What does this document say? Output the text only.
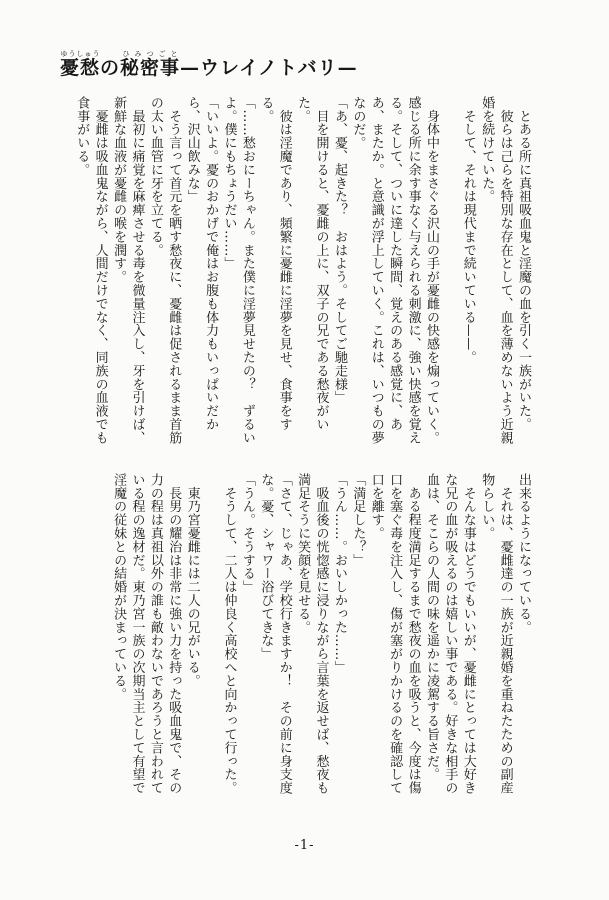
憂愁ゆうしゅうの秘密事ひみつごと—ウレイノトバリ—

　とある所に真祖吸血鬼と淫魔の血を引く一族がいた。

　彼らは己らを特別な存在として、血を薄めないよう近親婚を続けていた。

　そして、それは現代まで続いている——。

　身体中をまさぐる沢山の手が憂雌の快感を煽っていく。感じる所に余す事なく与えられる刺激に、強い快感を覚える。そして、ついに達した瞬間、覚えのある感覚に、ああ、またか。と意識が浮上していく。これは、いつもの夢なのだ。

「あ、憂、起きた？　おはよう。そしてご馳走様」

　目を開けると、憂雌の上に、双子の兄である愁夜がいた。

　彼は淫魔であり、頻繁に憂雌に淫夢を見せ、食事をする。

「……愁おにーちゃん。また僕に淫夢見せたの？　ずるいよ。僕にもちょうだい……」

「いいよ。憂のおかげで俺はお腹も体力もいっぱいだから、沢山飲みな」

　そう言って首元を晒す愁夜に、憂雌は促されるまま首筋の太い血管に牙を立てる。

　最初に痛覚を麻痺させる毒を微量注入し、牙を引けば、新鮮な血液が憂雌の喉を潤す。

　憂雌は吸血鬼ながら、人間だけでなく、同族の血液でも食事がいる。

出来るようになっている。

　それは、憂雌達の一族が近親婚を重ねたための副産物らしい。

　そんな事はどうでもいいが、憂雌にとっては大好きな兄の血が吸えるのは嬉しい事である。好きな相手の血は、そこらの人間の味を遥かに凌駕する旨さだ。

　ある程度満足するまで愁夜の血を吸うと、今度は傷口を塞ぐ毒を注入し、傷が塞がりかけるのを確認して口を離す。

「満足した？」

「うん……。おいしかった……」

　吸血後の恍惚感に浸りながら言葉を返せば、愁夜も満足そうに笑顔を見せる。

「さて、じゃあ、学校行きますか！　その前に身支度な。憂、シャワー浴びてきな」

「うん。そうする」

　そうして、二人は仲良く高校へと向かって行った。

　東乃宮憂雌には二人の兄がいる。

　長男の耀治は非常に強い力を持った吸血鬼で、その力の程は真祖以外の誰も敵わないであろうと言われている程の逸材だ。東乃宮一族の次期当主として有望で淫魔の従妹との結婚が決まっている。

-1-
